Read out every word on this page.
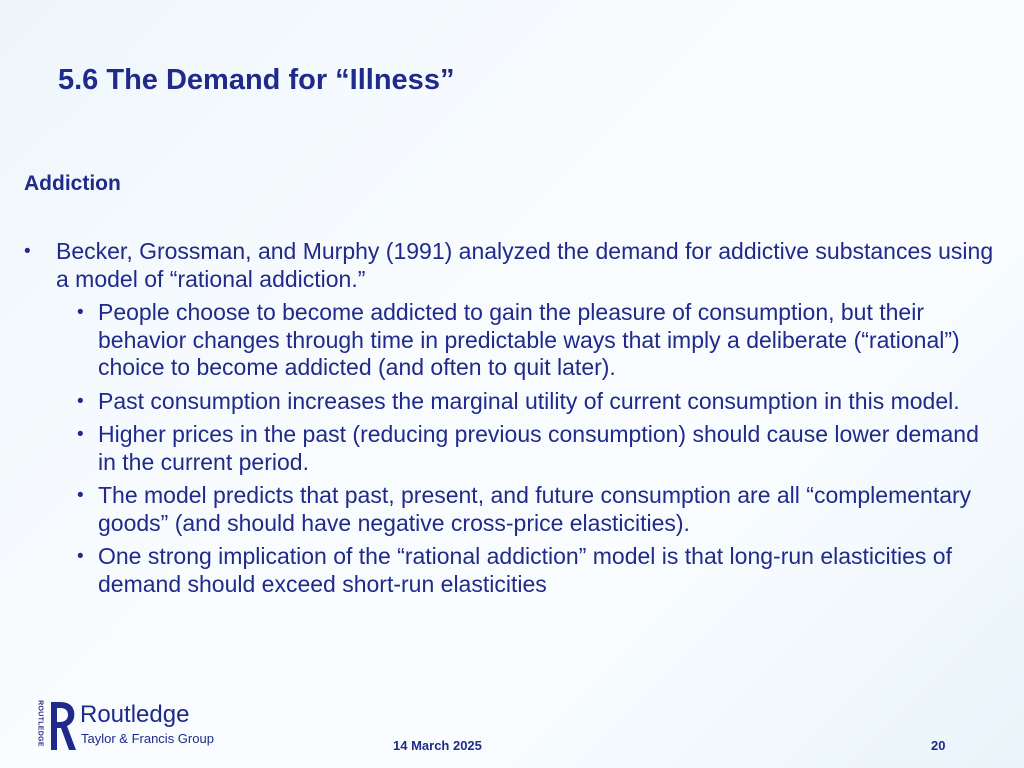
5.6 The Demand for “Illness”
Addiction
• Becker, Grossman, and Murphy (1991) analyzed the demand for addictive substances using a model of “rational addiction.”
• People choose to become addicted to gain the pleasure of consumption, but their behavior changes through time in predictable ways that imply a deliberate (“rational”) choice to become addicted (and often to quit later).
• Past consumption increases the marginal utility of current consumption in this model.
• Higher prices in the past (reducing previous consumption) should cause lower demand in the current period.
• The model predicts that past, present, and future consumption are all “complementary goods” (and should have negative cross-price elasticities).
• One strong implication of the “rational addiction” model is that long-run elasticities of demand should exceed short-run elasticities
ROUTLEDGE Routledge
Taylor & Francis Group	14 March 2025	20
